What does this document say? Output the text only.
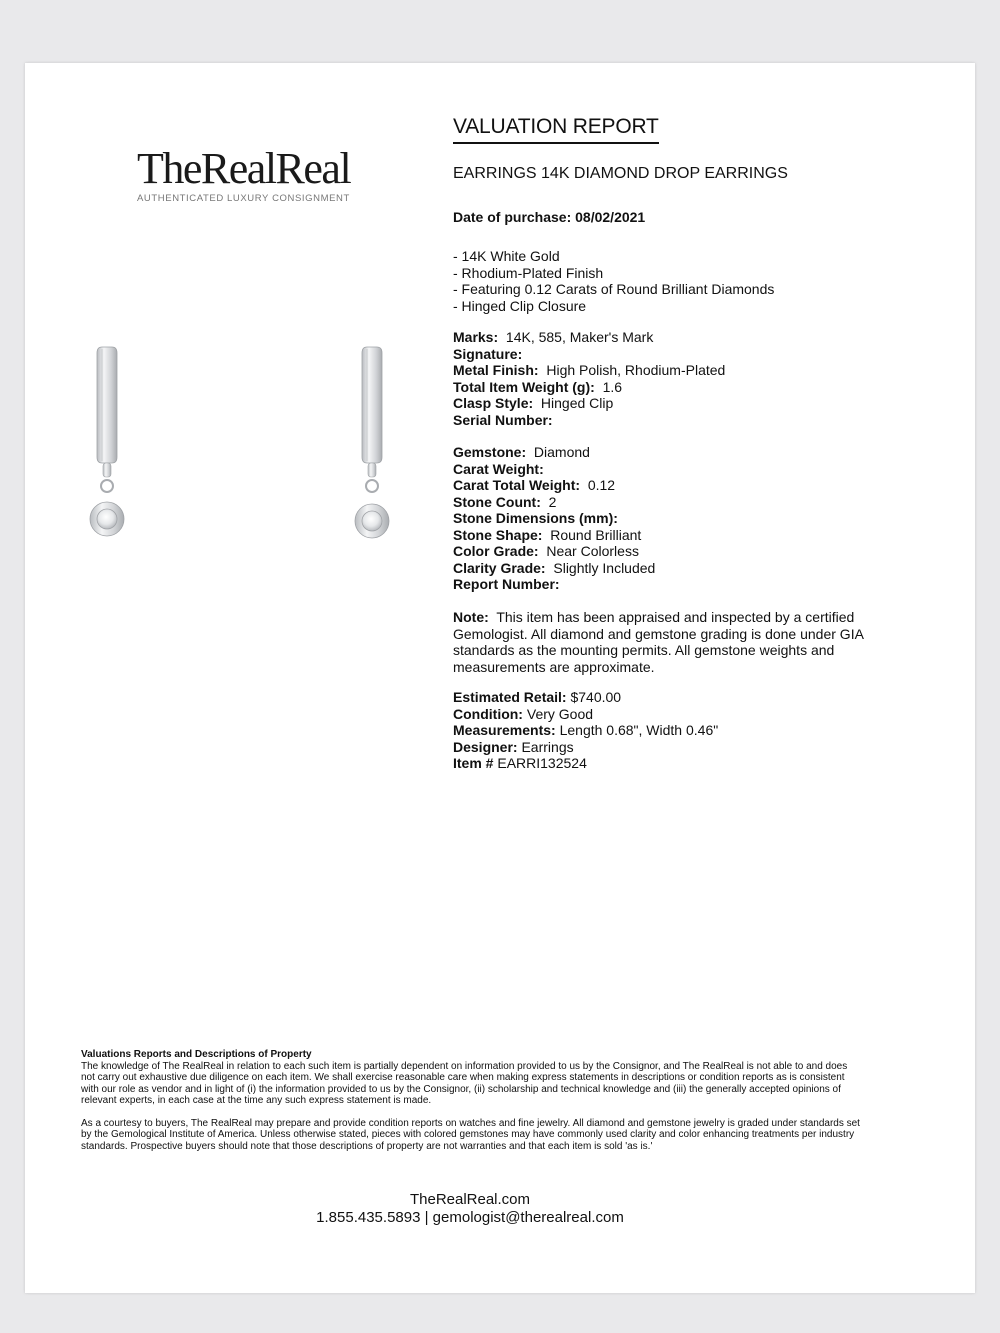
TheRealReal
AUTHENTICATED LUXURY CONSIGNMENT
VALUATION REPORT
EARRINGS 14K DIAMOND DROP EARRINGS
Date of purchase: 08/02/2021
- 14K White Gold
- Rhodium-Plated Finish
- Featuring 0.12 Carats of Round Brilliant Diamonds
- Hinged Clip Closure
Marks: 14K, 585, Maker's Mark
Signature:
Metal Finish: High Polish, Rhodium-Plated
Total Item Weight (g): 1.6
Clasp Style: Hinged Clip
Serial Number:
Gemstone: Diamond
Carat Weight:
Carat Total Weight: 0.12
Stone Count: 2
Stone Dimensions (mm):
Stone Shape: Round Brilliant
Color Grade: Near Colorless
Clarity Grade: Slightly Included
Report Number:
Note: This item has been appraised and inspected by a certified Gemologist. All diamond and gemstone grading is done under GIA standards as the mounting permits. All gemstone weights and measurements are approximate.
Estimated Retail: $740.00
Condition: Very Good
Measurements: Length 0.68", Width 0.46"
Designer: Earrings
Item # EARRI132524
Valuations Reports and Descriptions of Property

The knowledge of The RealReal in relation to each such item is partially dependent on information provided to us by the Consignor, and The RealReal is not able to and does not carry out exhaustive due diligence on each item. We shall exercise reasonable care when making express statements in descriptions or condition reports as is consistent with our role as vendor and in light of (i) the information provided to us by the Consignor, (ii) scholarship and technical knowledge and (iii) the generally accepted opinions of relevant experts, in each case at the time any such express statement is made.

As a courtesy to buyers, The RealReal may prepare and provide condition reports on watches and fine jewelry. All diamond and gemstone jewelry is graded under standards set by the Gemological Institute of America. Unless otherwise stated, pieces with colored gemstones may have commonly used clarity and color enhancing treatments per industry standards. Prospective buyers should note that those descriptions of property are not warranties and that each item is sold 'as is.'

TheRealReal.com
1.855.435.5893 | gemologist@therealreal.com
